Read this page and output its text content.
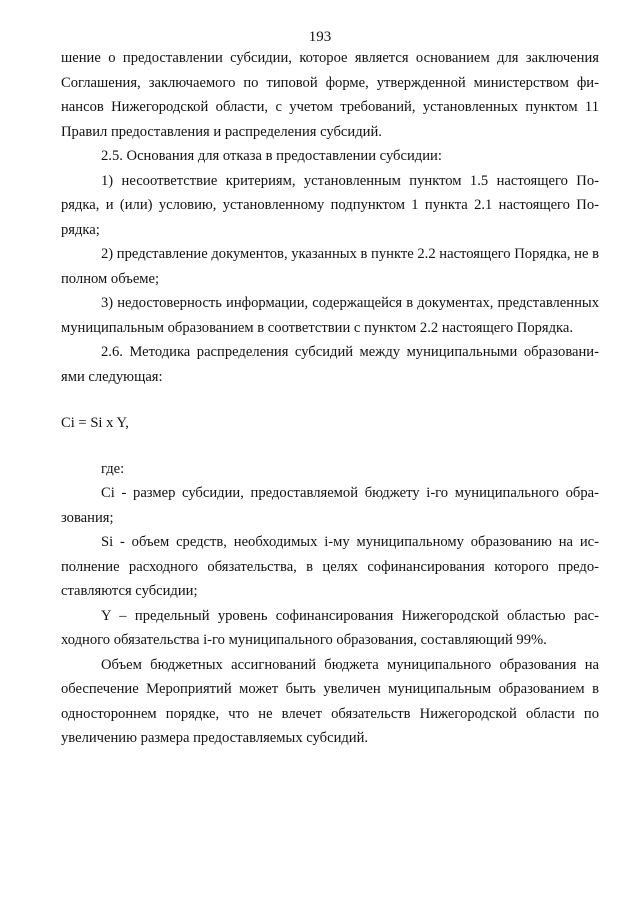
193

шение о предоставлении субсидии, которое является основанием для заключения Соглашения, заключаемого по типовой форме, утвержденной министерством финансов Нижегородской области, с учетом требований, установленных пунктом 11 Правил предоставления и распределения субсидий.

2.5. Основания для отказа в предоставлении субсидии:

1) несоответствие критериям, установленным пунктом 1.5 настоящего Порядка, и (или) условию, установленному подпунктом 1 пункта 2.1 настоящего Порядка;

2) представление документов, указанных в пункте 2.2 настоящего Порядка, не в полном объеме;

3) недостоверность информации, содержащейся в документах, представленных муниципальным образованием в соответствии с пунктом 2.2 настоящего Порядка.

2.6. Методика распределения субсидий между муниципальными образованиями следующая:

Ci = Si x Y,

где:

Ci - размер субсидии, предоставляемой бюджету i-го муниципального образования;

Si - объем средств, необходимых i-му муниципальному образованию на исполнение расходного обязательства, в целях софинансирования которого предоставляются субсидии;

Y – предельный уровень софинансирования Нижегородской областью расходного обязательства i-го муниципального образования, составляющий 99%.

Объем бюджетных ассигнований бюджета муниципального образования на обеспечение Мероприятий может быть увеличен муниципальным образованием в одностороннем порядке, что не влечет обязательств Нижегородской области по увеличению размера предоставляемых субсидий.
